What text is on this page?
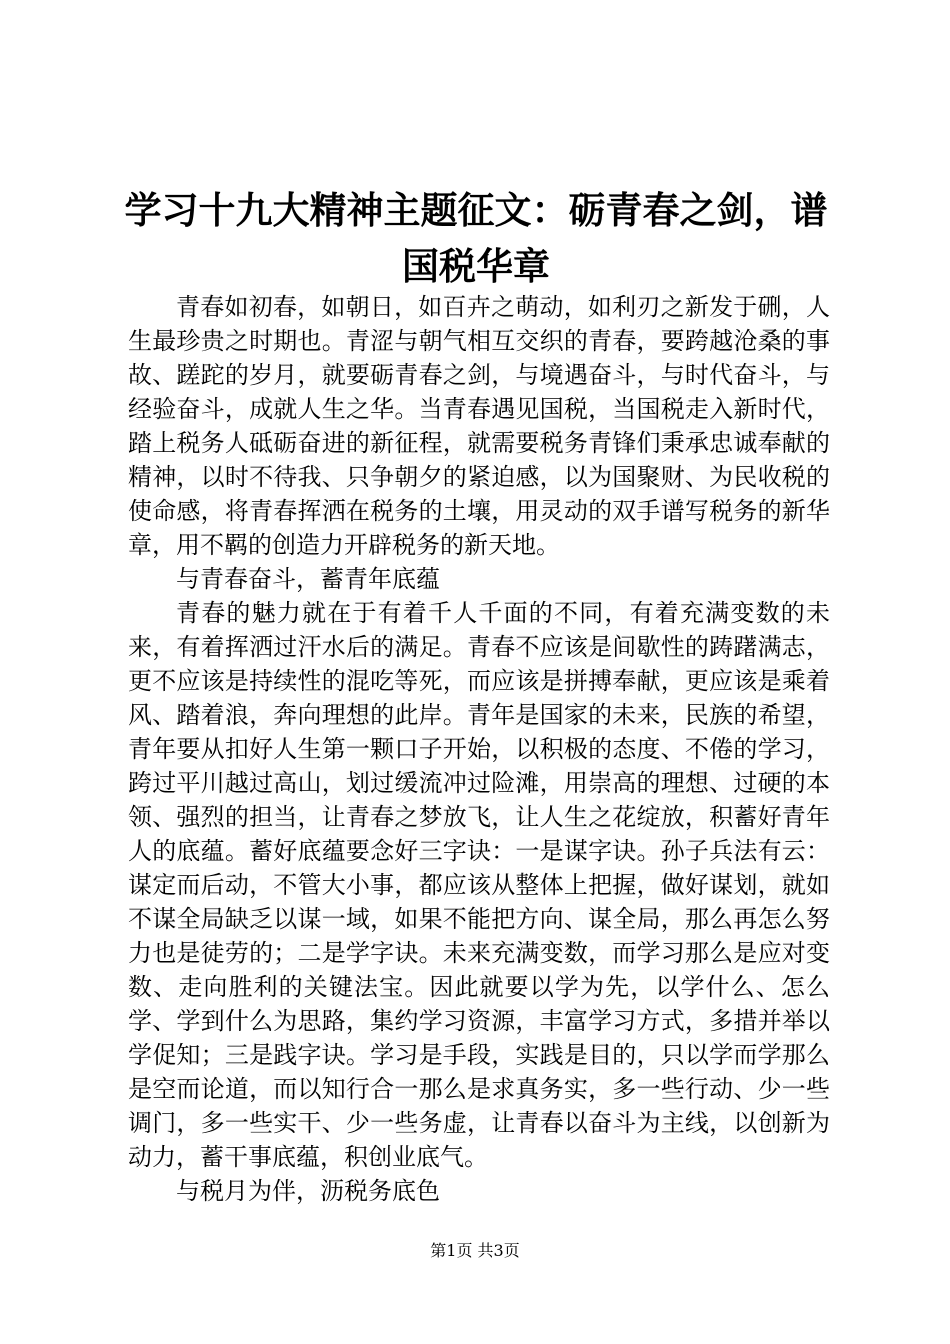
学习十九大精神主题征文：砺青春之剑，谱国税华章

青春如初春，如朝日，如百卉之萌动，如利刃之新发于硎，人生最珍贵之时期也。青涩与朝气相互交织的青春，要跨越沧桑的事故、蹉跎的岁月，就要砺青春之剑，与境遇奋斗，与时代奋斗，与经验奋斗，成就人生之华。当青春遇见国税，当国税走入新时代，踏上税务人砥砺奋进的新征程，就需要税务青锋们秉承忠诚奉献的精神，以时不待我、只争朝夕的紧迫感，以为国聚财、为民收税的使命感，将青春挥洒在税务的土壤，用灵动的双手谱写税务的新华章，用不羁的创造力开辟税务的新天地。

与青春奋斗，蓄青年底蕴

青春的魅力就在于有着千人千面的不同，有着充满变数的未来，有着挥洒过汗水后的满足。青春不应该是间歇性的踌躇满志，更不应该是持续性的混吃等死，而应该是拼搏奉献，更应该是乘着风、踏着浪，奔向理想的此岸。青年是国家的未来，民族的希望，青年要从扣好人生第一颗口子开始，以积极的态度、不倦的学习，跨过平川越过高山，划过缓流冲过险滩，用崇高的理想、过硬的本领、强烈的担当，让青春之梦放飞，让人生之花绽放，积蓄好青年人的底蕴。蓄好底蕴要念好三字诀：一是谋字诀。孙子兵法有云：谋定而后动，不管大小事，都应该从整体上把握，做好谋划，就如不谋全局缺乏以谋一域，如果不能把方向、谋全局，那么再怎么努力也是徒劳的；二是学字诀。未来充满变数，而学习那么是应对变数、走向胜利的关键法宝。因此就要以学为先，以学什么、怎么学、学到什么为思路，集约学习资源，丰富学习方式，多措并举以学促知；三是践字诀。学习是手段，实践是目的，只以学而学那么是空而论道，而以知行合一那么是求真务实，多一些行动、少一些调门，多一些实干、少一些务虚，让青春以奋斗为主线，以创新为动力，蓄干事底蕴，积创业底气。

与税月为伴，沥税务底色

第1页 共3页
